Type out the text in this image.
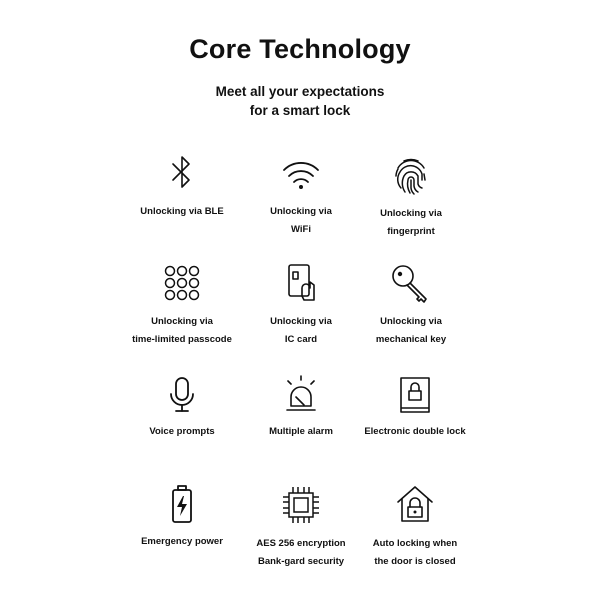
Core Technology
Meet all your expectations
for a smart lock
Unlocking via BLE	Unlocking via
WiFi
Unlocking via
fingerprint
Unlocking via
time-limited passcode
Unlocking via
IC card
Unlocking via
mechanical key
Voice prompts	Multiple alarm	Electronic double lock
Emergency power	AES 256 encryption
Bank-gard security
Auto locking when
the door is closed
